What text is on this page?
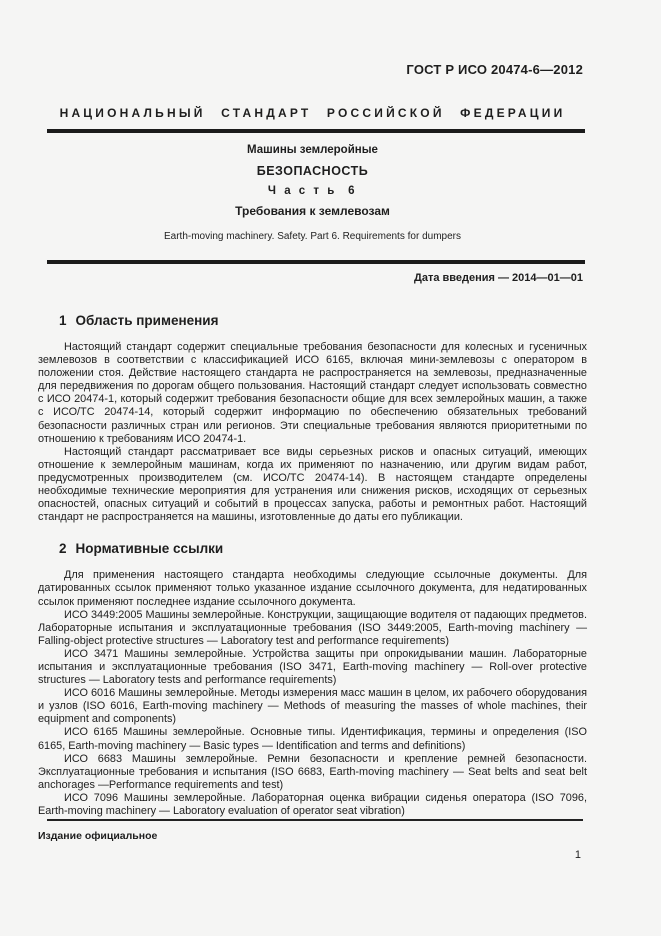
ГОСТ Р ИСО 20474-6—2012
НАЦИОНАЛЬНЫЙ СТАНДАРТ РОССИЙСКОЙ ФЕДЕРАЦИИ
Машины землеройные
БЕЗОПАСНОСТЬ
Ч а с т ь  6
Требования к землевозам
Earth-moving machinery. Safety. Part 6. Requirements for dumpers
Дата введения — 2014—01—01
1 Область применения

Настоящий стандарт содержит специальные требования безопасности для колесных и гусеничных землевозов в соответствии с классификацией ИСО 6165, включая мини-землевозы с оператором в положении стоя. Действие настоящего стандарта не распространяется на землевозы, предназначенные для передвижения по дорогам общего пользования. Настоящий стандарт следует использовать совместно с ИСО 20474-1, который содержит требования безопасности общие для всех землеройных машин, а также с ИСО/ТС 20474-14, который содержит информацию по обеспечению обязательных требований безопасности различных стран или регионов. Эти специальные требования являются приоритетными по отношению к требованиям ИСО 20474-1.

Настоящий стандарт рассматривает все виды серьезных рисков и опасных ситуаций, имеющих отношение к землеройным машинам, когда их применяют по назначению, или другим видам работ, предусмотренных производителем (см. ИСО/ТС 20474-14). В настоящем стандарте определены необходимые технические мероприятия для устранения или снижения рисков, исходящих от серьезных опасностей, опасных ситуаций и событий в процессах запуска, работы и ремонтных работ. Настоящий стандарт не распространяется на машины, изготовленные до даты его публикации.

2 Нормативные ссылки

Для применения настоящего стандарта необходимы следующие ссылочные документы. Для датированных ссылок применяют только указанное издание ссылочного документа, для недатированных ссылок применяют последнее издание ссылочного документа.

ИСО 3449:2005 Машины землеройные. Конструкции, защищающие водителя от падающих предметов. Лабораторные испытания и эксплуатационные требования (ISO 3449:2005, Earth-moving machinery — Falling-object protective structures — Laboratory test and performance requirements)

ИСО 3471 Машины землеройные. Устройства защиты при опрокидывании машин. Лабораторные испытания и эксплуатационные требования (ISO 3471, Earth-moving machinery — Roll-over protective structures — Laboratory tests and performance requirements)

ИСО 6016 Машины землеройные. Методы измерения масс машин в целом, их рабочего оборудования и узлов (ISO 6016, Earth-moving machinery — Methods of measuring the masses of whole machines, their equipment and components)

ИСО 6165 Машины землеройные. Основные типы. Идентификация, термины и определения (ISO 6165, Earth-moving machinery — Basic types — Identification and terms and definitions)

ИСО 6683 Машины землеройные. Ремни безопасности и крепление ремней безопасности. Эксплуатационные требования и испытания (ISO 6683, Earth-moving machinery — Seat belts and seat belt anchorages —Performance requirements and test)

ИСО 7096 Машины землеройные. Лабораторная оценка вибрации сиденья оператора (ISO 7096, Earth-moving machinery — Laboratory evaluation of operator seat vibration)

Издание официальное
1
